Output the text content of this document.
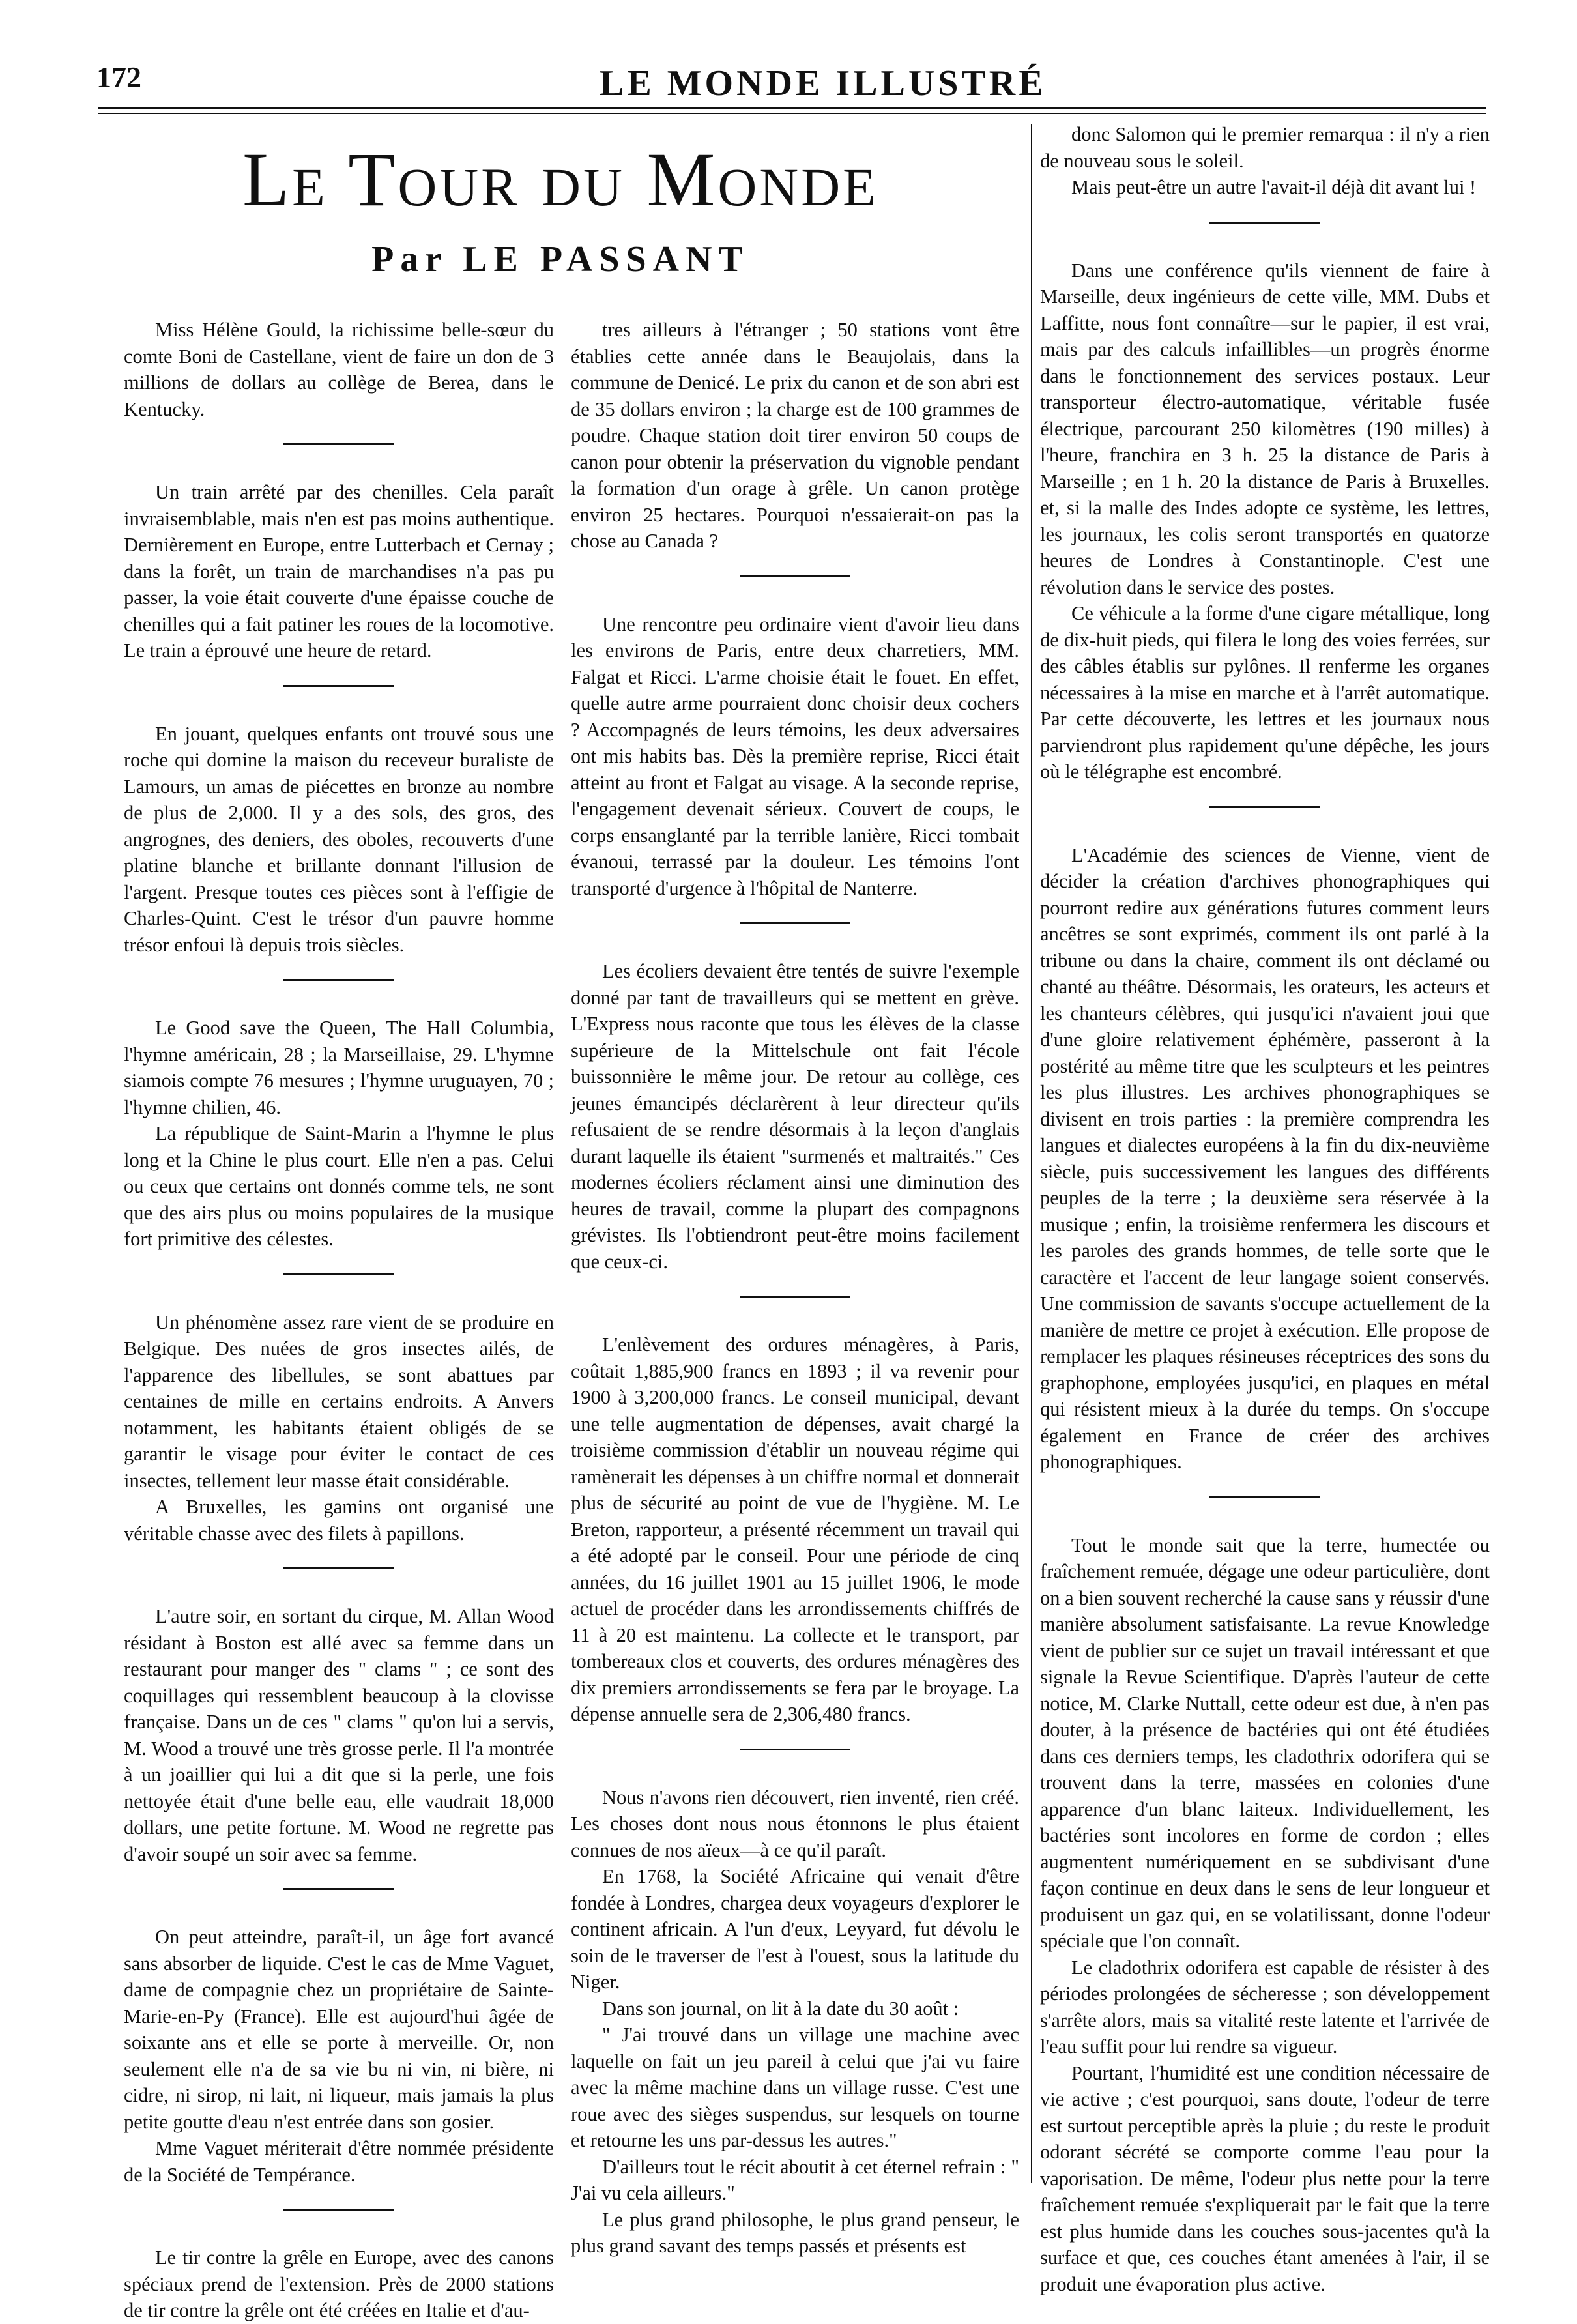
172	LE MONDE ILLUSTRÉ
Le Tour du Monde
Par LE PASSANT

Miss Hélène Gould, la richissime belle-sœur du comte Boni de Castellane, vient de faire un don de 3 millions de dollars au collège de Berea, dans le Kentucky.

Un train arrêté par des chenilles. Cela paraît invraisemblable, mais n'en est pas moins authentique. Dernièrement en Europe, entre Lutterbach et Cernay ; dans la forêt, un train de marchandises n'a pas pu passer, la voie était couverte d'une épaisse couche de chenilles qui a fait patiner les roues de la locomotive. Le train a éprouvé une heure de retard.

En jouant, quelques enfants ont trouvé sous une roche qui domine la maison du receveur buraliste de Lamours, un amas de piécettes en bronze au nombre de plus de 2,000. Il y a des sols, des gros, des angrognes, des deniers, des oboles, recouverts d'une platine blanche et brillante donnant l'illusion de l'argent. Presque toutes ces pièces sont à l'effigie de Charles-Quint. C'est le trésor d'un pauvre homme trésor enfoui là depuis trois siècles.

Le Good save the Queen, The Hall Columbia, l'hymne américain, 28 ; la Marseillaise, 29. L'hymne siamois compte 76 mesures ; l'hymne uruguayen, 70 ; l'hymne chilien, 46.

La république de Saint-Marin a l'hymne le plus long et la Chine le plus court. Elle n'en a pas. Celui ou ceux que certains ont donnés comme tels, ne sont que des airs plus ou moins populaires de la musique fort primitive des célestes.

Un phénomène assez rare vient de se produire en Belgique. Des nuées de gros insectes ailés, de l'apparence des libellules, se sont abattues par centaines de mille en certains endroits. A Anvers notamment, les habitants étaient obligés de se garantir le visage pour éviter le contact de ces insectes, tellement leur masse était considérable.

A Bruxelles, les gamins ont organisé une véritable chasse avec des filets à papillons.

L'autre soir, en sortant du cirque, M. Allan Wood résidant à Boston est allé avec sa femme dans un restaurant pour manger des " clams " ; ce sont des coquillages qui ressemblent beaucoup à la clovisse française. Dans un de ces " clams " qu'on lui a servis, M. Wood a trouvé une très grosse perle. Il l'a montrée à un joaillier qui lui a dit que si la perle, une fois nettoyée était d'une belle eau, elle vaudrait 18,000 dollars, une petite fortune. M. Wood ne regrette pas d'avoir soupé un soir avec sa femme.

On peut atteindre, paraît-il, un âge fort avancé sans absorber de liquide. C'est le cas de Mme Vaguet, dame de compagnie chez un propriétaire de Sainte-Marie-en-Py (France). Elle est aujourd'hui âgée de soixante ans et elle se porte à merveille. Or, non seulement elle n'a de sa vie bu ni vin, ni bière, ni cidre, ni sirop, ni lait, ni liqueur, mais jamais la plus petite goutte d'eau n'est entrée dans son gosier.

Mme Vaguet mériterait d'être nommée présidente de la Société de Tempérance.

Le tir contre la grêle en Europe, avec des canons spéciaux prend de l'extension. Près de 2000 stations de tir contre la grêle ont été créées en Italie et d'au-

tres ailleurs à l'étranger ; 50 stations vont être établies cette année dans le Beaujolais, dans la commune de Denicé. Le prix du canon et de son abri est de 35 dollars environ ; la charge est de 100 grammes de poudre. Chaque station doit tirer environ 50 coups de canon pour obtenir la préservation du vignoble pendant la formation d'un orage à grêle. Un canon protège environ 25 hectares. Pourquoi n'essaierait-on pas la chose au Canada ?

Une rencontre peu ordinaire vient d'avoir lieu dans les environs de Paris, entre deux charretiers, MM. Falgat et Ricci. L'arme choisie était le fouet. En effet, quelle autre arme pourraient donc choisir deux cochers ? Accompagnés de leurs témoins, les deux adversaires ont mis habits bas. Dès la première reprise, Ricci était atteint au front et Falgat au visage. A la seconde reprise, l'engagement devenait sérieux. Couvert de coups, le corps ensanglanté par la terrible lanière, Ricci tombait évanoui, terrassé par la douleur. Les témoins l'ont transporté d'urgence à l'hôpital de Nanterre.

Les écoliers devaient être tentés de suivre l'exemple donné par tant de travailleurs qui se mettent en grève. L'Express nous raconte que tous les élèves de la classe supérieure de la Mittelschule ont fait l'école buissonnière le même jour. De retour au collège, ces jeunes émancipés déclarèrent à leur directeur qu'ils refusaient de se rendre désormais à la leçon d'anglais durant laquelle ils étaient "surmenés et maltraités." Ces modernes écoliers réclament ainsi une diminution des heures de travail, comme la plupart des compagnons grévistes. Ils l'obtiendront peut-être moins facilement que ceux-ci.

L'enlèvement des ordures ménagères, à Paris, coûtait 1,885,900 francs en 1893 ; il va revenir pour 1900 à 3,200,000 francs. Le conseil municipal, devant une telle augmentation de dépenses, avait chargé la troisième commission d'établir un nouveau régime qui ramènerait les dépenses à un chiffre normal et donnerait plus de sécurité au point de vue de l'hygiène. M. Le Breton, rapporteur, a présenté récemment un travail qui a été adopté par le conseil. Pour une période de cinq années, du 16 juillet 1901 au 15 juillet 1906, le mode actuel de procéder dans les arrondissements chiffrés de 11 à 20 est maintenu. La collecte et le transport, par tombereaux clos et couverts, des ordures ménagères des dix premiers arrondissements se fera par le broyage. La dépense annuelle sera de 2,306,480 francs.

Nous n'avons rien découvert, rien inventé, rien créé. Les choses dont nous nous étonnons le plus étaient connues de nos aïeux—à ce qu'il paraît.

En 1768, la Société Africaine qui venait d'être fondée à Londres, chargea deux voyageurs d'explorer le continent africain. A l'un d'eux, Leyyard, fut dévolu le soin de le traverser de l'est à l'ouest, sous la latitude du Niger.

Dans son journal, on lit à la date du 30 août :

" J'ai trouvé dans un village une machine avec laquelle on fait un jeu pareil à celui que j'ai vu faire avec la même machine dans un village russe. C'est une roue avec des sièges suspendus, sur lesquels on tourne et retourne les uns par-dessus les autres."

D'ailleurs tout le récit aboutit à cet éternel refrain : " J'ai vu cela ailleurs."

Le plus grand philosophe, le plus grand penseur, le plus grand savant des temps passés et présents est

donc Salomon qui le premier remarqua : il n'y a rien de nouveau sous le soleil.

Mais peut-être un autre l'avait-il déjà dit avant lui !

Dans une conférence qu'ils viennent de faire à Marseille, deux ingénieurs de cette ville, MM. Dubs et Laffitte, nous font connaître—sur le papier, il est vrai, mais par des calculs infaillibles—un progrès énorme dans le fonctionnement des services postaux. Leur transporteur électro-automatique, véritable fusée électrique, parcourant 250 kilomètres (190 milles) à l'heure, franchira en 3 h. 25 la distance de Paris à Marseille ; en 1 h. 20 la distance de Paris à Bruxelles. et, si la malle des Indes adopte ce système, les lettres, les journaux, les colis seront transportés en quatorze heures de Londres à Constantinople. C'est une révolution dans le service des postes.

Ce véhicule a la forme d'une cigare métallique, long de dix-huit pieds, qui filera le long des voies ferrées, sur des câbles établis sur pylônes. Il renferme les organes nécessaires à la mise en marche et à l'arrêt automatique. Par cette découverte, les lettres et les journaux nous parviendront plus rapidement qu'une dépêche, les jours où le télégraphe est encombré.

L'Académie des sciences de Vienne, vient de décider la création d'archives phonographiques qui pourront redire aux générations futures comment leurs ancêtres se sont exprimés, comment ils ont parlé à la tribune ou dans la chaire, comment ils ont déclamé ou chanté au théâtre. Désormais, les orateurs, les acteurs et les chanteurs célèbres, qui jusqu'ici n'avaient joui que d'une gloire relativement éphémère, passeront à la postérité au même titre que les sculpteurs et les peintres les plus illustres. Les archives phonographiques se divisent en trois parties : la première comprendra les langues et dialectes européens à la fin du dix-neuvième siècle, puis successivement les langues des différents peuples de la terre ; la deuxième sera réservée à la musique ; enfin, la troisième renfermera les discours et les paroles des grands hommes, de telle sorte que le caractère et l'accent de leur langage soient conservés. Une commission de savants s'occupe actuellement de la manière de mettre ce projet à exécution. Elle propose de remplacer les plaques résineuses réceptrices des sons du graphophone, employées jusqu'ici, en plaques en métal qui résistent mieux à la durée du temps. On s'occupe également en France de créer des archives phonographiques.

Tout le monde sait que la terre, humectée ou fraîchement remuée, dégage une odeur particulière, dont on a bien souvent recherché la cause sans y réussir d'une manière absolument satisfaisante. La revue Knowledge vient de publier sur ce sujet un travail intéressant et que signale la Revue Scientifique. D'après l'auteur de cette notice, M. Clarke Nuttall, cette odeur est due, à n'en pas douter, à la présence de bactéries qui ont été étudiées dans ces derniers temps, les cladothrix odorifera qui se trouvent dans la terre, massées en colonies d'une apparence d'un blanc laiteux. Individuellement, les bactéries sont incolores en forme de cordon ; elles augmentent numériquement en se subdivisant d'une façon continue en deux dans le sens de leur longueur et produisent un gaz qui, en se volatilissant, donne l'odeur spéciale que l'on connaît.

Le cladothrix odorifera est capable de résister à des périodes prolongées de sécheresse ; son développement s'arrête alors, mais sa vitalité reste latente et l'arrivée de l'eau suffit pour lui rendre sa vigueur.

Pourtant, l'humidité est une condition nécessaire de vie active ; c'est pourquoi, sans doute, l'odeur de terre est surtout perceptible après la pluie ; du reste le produit odorant sécrété se comporte comme l'eau pour la vaporisation. De même, l'odeur plus nette pour la terre fraîchement remuée s'expliquerait par le fait que la terre est plus humide dans les couches sous-jacentes qu'à la surface et que, ces couches étant amenées à l'air, il se produit une évaporation plus active.
